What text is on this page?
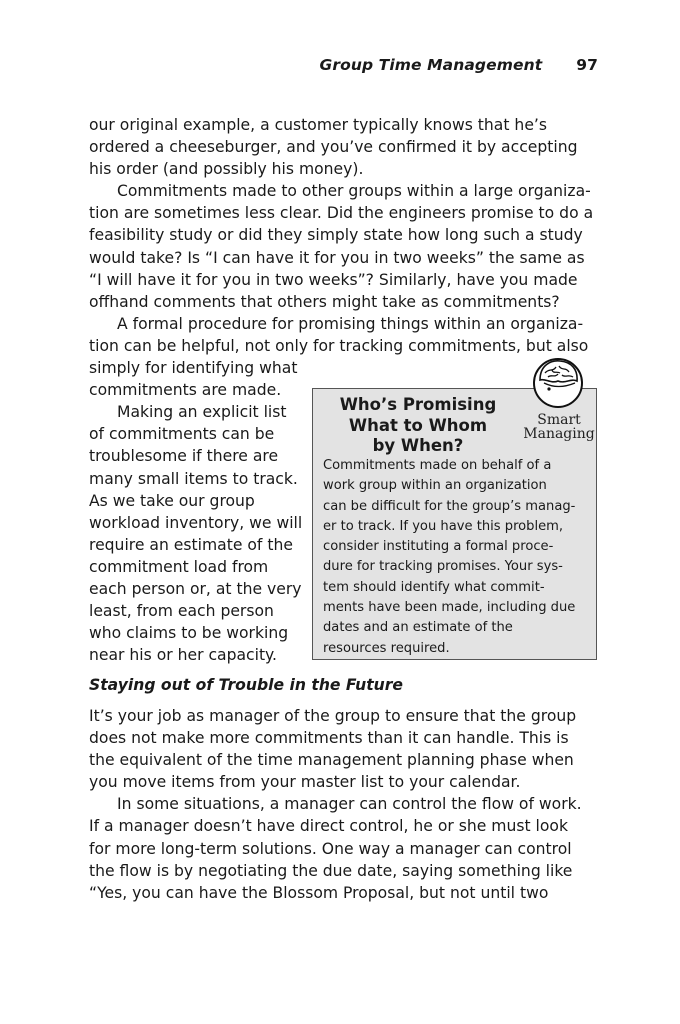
Group Time Management 97
our original example, a customer typically knows that he’s
ordered a cheeseburger, and you’ve confirmed it by accepting
his order (and possibly his money).
Commitments made to other groups within a large organiza-
tion are sometimes less clear. Did the engineers promise to do a
feasibility study or did they simply state how long such a study
would take? Is “I can have it for you in two weeks” the same as
“I will have it for you in two weeks”? Similarly, have you made
offhand comments that others might take as commitments?
A formal procedure for promising things within an organiza-
tion can be helpful, not only for tracking commitments, but also
simply for identifying what
commitments are made.
Making an explicit list
of commitments can be
troublesome if there are
many small items to track.
As we take our group
workload inventory, we will
require an estimate of the
commitment load from
each person or, at the very
least, from each person
who claims to be working
near his or her capacity.
Smart
Managing
Who’s Promising
What to Whom
by When?
Commitments made on behalf of a
work group within an organization
can be difficult for the group’s manag-
er to track. If you have this problem,
consider instituting a formal proce-
dure for tracking promises. Your sys-
tem should identify what commit-
ments have been made, including due
dates and an estimate of the
resources required.
Staying out of Trouble in the Future
It’s your job as manager of the group to ensure that the group
does not make more commitments than it can handle. This is
the equivalent of the time management planning phase when
you move items from your master list to your calendar.
In some situations, a manager can control the flow of work.
If a manager doesn’t have direct control, he or she must look
for more long-term solutions. One way a manager can control
the flow is by negotiating the due date, saying something like
“Yes, you can have the Blossom Proposal, but not until two
